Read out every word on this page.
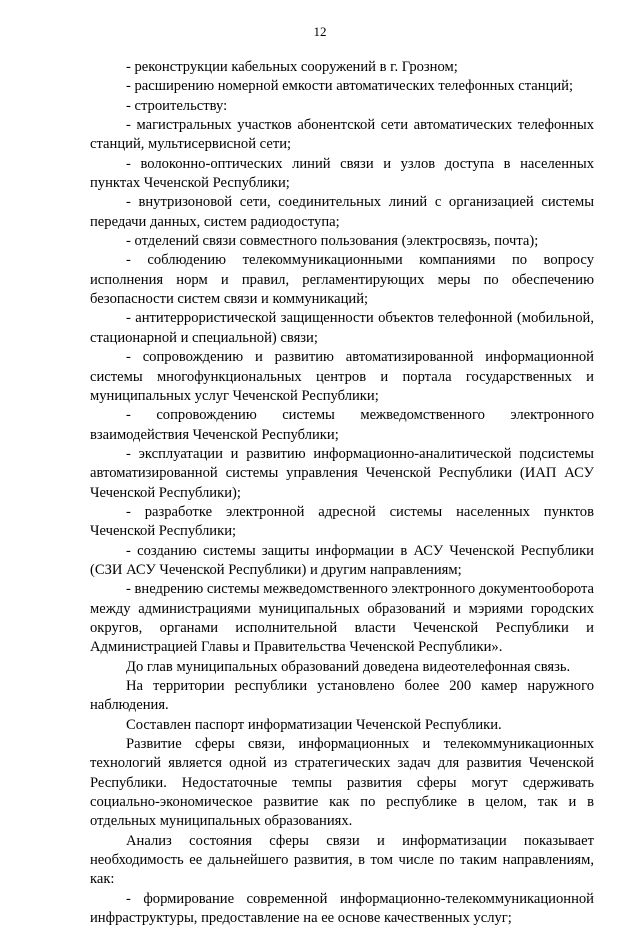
12

- реконструкции кабельных сооружений в г. Грозном;

- расширению номерной емкости автоматических телефонных станций;

- строительству:

- магистральных участков абонентской сети автоматических телефонных станций, мультисервисной сети;

- волоконно-оптических линий связи и узлов доступа в населенных пунктах Чеченской Республики;

- внутризоновой сети, соединительных линий с организацией системы передачи данных, систем радиодоступа;

- отделений связи совместного пользования (электросвязь, почта);

- соблюдению телекоммуникационными компаниями по вопросу исполнения норм и правил, регламентирующих меры по обеспечению безопасности систем связи и коммуникаций;

- антитеррористической защищенности объектов телефонной (мобильной, стационарной и специальной) связи;

- сопровождению и развитию автоматизированной информационной системы многофункциональных центров и портала государственных и муниципальных услуг Чеченской Республики;

- сопровождению системы межведомственного электронного взаимодействия Чеченской Республики;

- эксплуатации и развитию информационно-аналитической подсистемы автоматизированной системы управления Чеченской Республики (ИАП АСУ Чеченской Республики);

- разработке электронной адресной системы населенных пунктов Чеченской Республики;

- созданию системы защиты информации в АСУ Чеченской Республики (СЗИ АСУ Чеченской Республики) и другим направлениям;

- внедрению системы межведомственного электронного документооборота между администрациями муниципальных образований и мэриями городских округов, органами исполнительной власти Чеченской Республики и Администрацией Главы и Правительства Чеченской Республики».

До глав муниципальных образований доведена видеотелефонная связь.

На территории республики установлено более 200 камер наружного наблюдения.

Составлен паспорт информатизации Чеченской Республики.

Развитие сферы связи, информационных и телекоммуникационных технологий является одной из стратегических задач для развития Чеченской Республики. Недостаточные темпы развития сферы могут сдерживать социально-экономическое развитие как по республике в целом, так и в отдельных муниципальных образованиях.

Анализ состояния сферы связи и информатизации показывает необходимость ее дальнейшего развития, в том числе по таким направлениям, как:

- формирование современной информационно-телекоммуникационной инфраструктуры, предоставление на ее основе качественных услуг;
